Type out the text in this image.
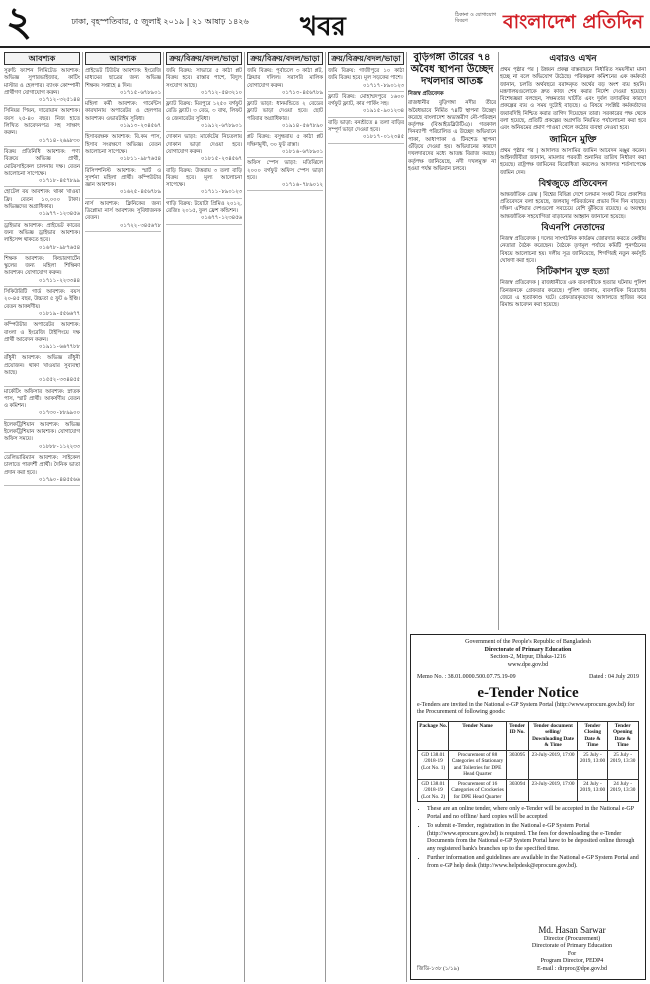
২	ঢাকা, বৃহস্পতিবার, ৫ জুলাই ২০১৯ | ২১ আষাঢ় ১৪২৬ খবর	ঠিকানা ও যোগাযোগ বিবরণ	বাংলাদেশ প্রতিদিন
আবশ্যক
সুরুচি ফ্যাশন লিমিটেড আবশ্যক: অভিজ্ঞ সুপারভাইজার, কাটিং মাস্টার ও হেলপার। ব্যাংক কোম্পানী প্রার্থীগণ যোগাযোগ করুন।
০১৭১২-৩২৫১৪৪
সিনিয়র পিয়ন, দারোয়ান আবশ্যক। বয়স ২৫-৪০ বছর। নিজ হাতে লিখিত আবেদনপত্র সহ সাক্ষাৎ করুন।
০১৭১৪-২৬৯৮৩০
বিক্রয় প্রতিনিধি আবশ্যক: পণ্য বিক্রয়ে অভিজ্ঞ প্রার্থী, মোটরসাইকেল চালনায় দক্ষ। বেতন আলোচনা সাপেক্ষে।
০১৭১৮-৪৫৭৮৯৯
হোটেল বয় আবশ্যক: থাকা খাওয়া ফ্রি। বেতন ১০,০০০ টাকা। অভিজ্ঞদের অগ্রাধিকার।
০১৯৭৭-১২৩৪৫৬
ড্রাইভার আবশ্যক: প্রাইভেট কারের জন্য অভিজ্ঞ ড্রাইভার আবশ্যক। লাইসেন্স থাকতে হবে।
০১৬৭৮-৯৮৭৬৫৪
শিক্ষক আবশ্যক: কিন্ডারগার্টেন স্কুলের জন্য মহিলা শিক্ষিকা আবশ্যক। যোগাযোগ করুন।
০১৭১১-২২৩৩৪৪
সিকিউরিটি গার্ড আবশ্যক: বয়স ২০-৪৫ বছর, উচ্চতা ৫ ফুট ৬ ইঞ্চি। বেতন আকর্ষণীয়।
০১৮১৯-৫৫৬৬৭৭
কম্পিউটার অপারেটর আবশ্যক: বাংলা ও ইংরেজি টাইপিংয়ে দক্ষ প্রার্থী আবেদন করুন।
০১৯১১-৬৬৭৭৮৮
রাঁধুনী আবশ্যক: অভিজ্ঞ রাঁধুনী প্রয়োজন। থাকা খাওয়ার সুব্যবস্থা আছে।
০১৫৫২-৩৩৪৪৫৫
মার্কেটিং অফিসার আবশ্যক: স্নাতক পাস, স্মার্ট প্রার্থী। আকর্ষণীয় বেতন ও কমিশন।
০১৭৩০-৮৮৯৯০০
ইলেকট্রিশিয়ান আবশ্যক: অভিজ্ঞ ইলেকট্রিশিয়ান আবশ্যক। যোগাযোগ অফিস সময়ে।
০১৮৮৮-১১২২৩৩
ডেলিভারিম্যান আবশ্যক: সাইকেল চালাতে পারদর্শী প্রার্থী। দৈনিক ভাতা প্রদান করা হবে।
০১৭৯০-৪৪৫৫৬৬
আবশ্যক
প্রাইভেট টিউটর আবশ্যক: ইংরেজি মাধ্যমের ছাত্রের জন্য অভিজ্ঞ শিক্ষক। সপ্তাহে ৪ দিন।
০১৭১৫-৬৭৮৯০১
মহিলা কর্মী আবশ্যক: গার্মেন্টস কারখানায় অপারেটর ও হেলপার আবশ্যক। ওভারটাইম সুবিধা।
০১৯১৩-২৩৪৫৬৭
হিসাবরক্ষক আবশ্যক: বি.কম পাস, হিসাব সংরক্ষণে অভিজ্ঞ। বেতন আলোচনা সাপেক্ষে।
০১৮১১-৯৮৭৬৫৪
রিসিপশনিস্ট আবশ্যক: স্মার্ট ও সুদর্শনা মহিলা প্রার্থী। কম্পিউটার জ্ঞান আবশ্যক।
০১৬২৫-৪৫৬৭৮৯
নার্স আবশ্যক: ক্লিনিকের জন্য ডিপ্লোমা নার্স আবশ্যক। সুবিধাজনক বেতন।
০১৭২২-৩৪৫৬৭৮
ক্রয়/বিক্রয়/বদল/ভাড়া
জমি বিক্রয়: সাভারে ৫ কাঠা প্লট বিক্রয় হবে। রাস্তার পাশে, বিদ্যুৎ সংযোগ আছে।
০১৭১২-৫৪৩২১০
ফ্ল্যাট বিক্রয়: মিরপুরে ১২৫০ বর্গফুট রেডি ফ্ল্যাট। ৩ বেড, ৩ বাথ, লিফট ও জেনারেটর সুবিধা।
০১৯১২-৬৭৮৯০১
দোকান ভাড়া: মার্কেটের নিচতলায় দোকান ভাড়া দেওয়া হবে। যোগাযোগ করুন।
০১৮১৫-২৩৪৫৬৭
বাড়ি বিক্রয়: উত্তরায় ৩ তলা বাড়ি বিক্রয় হবে। মূল্য আলোচনা সাপেক্ষে।
০১৭১১-৮৯০১২৩
গাড়ি বিক্রয়: টয়োটা প্রিমিও ২০১২, রেজিঃ ২০১৫, ফুল ফ্রেশ কন্ডিশন।
০১৬৭৭-১২৩৪৫৬
ক্রয়/বিক্রয়/বদল/ভাড়া
জমি বিক্রয়: পূর্বাচলে ৩ কাঠা প্লট, ক্লিয়ার দলিল। সরাসরি মালিক যোগাযোগ করুন।
০১৭১৩-৪৫৬৭৮৯
ফ্ল্যাট ভাড়া: ধানমন্ডিতে ২ বেডের ফ্ল্যাট ভাড়া দেওয়া হবে। ছোট পরিবার অগ্রাধিকার।
০১৯১৪-৫৬৭৮৯০
প্লট বিক্রয়: বসুন্ধরায় ৫ কাঠা প্লট দক্ষিণমুখী, ৩০ ফুট রাস্তা।
০১৮১৬-৬৭৮৯০১
অফিস স্পেস ভাড়া: মতিঝিলে ২০০০ বর্গফুট অফিস স্পেস ভাড়া হবে।
০১৭১৬-৭৮৯০১২
ক্রয়/বিক্রয়/বদল/ভাড়া
জমি বিক্রয়: গাজীপুরে ১০ কাঠা জমি বিক্রয় হবে। মূল সড়কের পাশে।
০১৭১৭-৮৯০১২৩
ফ্ল্যাট বিক্রয়: মোহাম্মদপুরে ১৬০০ বর্গফুট ফ্ল্যাট, কার পার্কিং সহ।
০১৯১৫-৯০১২৩৪
বাড়ি ভাড়া: বনশ্রীতে ৪ তলা বাড়ির সম্পূর্ণ ভাড়া দেওয়া হবে।
০১৮১৭-০১২৩৪৫
বুড়িগঙ্গা তীরের ৭৪ অবৈধ স্থাপনা উচ্ছেদ দখলদার আতঙ্ক
নিজস্ব প্রতিবেদক
রাজধানীর বুড়িগঙ্গা নদীর তীরে অবৈধভাবে নির্মিত ৭৪টি স্থাপনা উচ্ছেদ করেছে বাংলাদেশ অভ্যন্তরীণ নৌ-পরিবহন কর্তৃপক্ষ (বিআইডব্লিউটিএ)। গতকাল দিনব্যাপী পরিচালিত এ উচ্ছেদ অভিযানে পাকা, আধাপাকা ও টিনশেড স্থাপনা গুঁড়িয়ে দেওয়া হয়। অভিযানের কারণে দখলদারদের মধ্যে আতঙ্ক বিরাজ করছে। কর্তৃপক্ষ জানিয়েছে, নদী দখলমুক্ত না হওয়া পর্যন্ত অভিযান চলবে।
এবারও এখন

প্রথম পৃষ্ঠার পর | উন্নয়ন প্রকল্প বাস্তবায়নে নির্ধারিত সময়সীমা মানা হচ্ছে না বলে অভিযোগ উঠেছে। পরিকল্পনা কমিশনের এক কর্মকর্তা জানান, চলতি অর্থবছরে বরাদ্দকৃত অর্থের বড় অংশ ব্যয় হয়নি। মন্ত্রণালয়গুলোকে দ্রুত কাজ শেষ করার নির্দেশ দেওয়া হয়েছে। বিশেষজ্ঞরা বলছেন, সক্ষমতার ঘাটতি এবং দুর্বল তদারকির কারণে প্রকল্পের ব্যয় ও সময় দুটোই বাড়ছে। এ বিষয়ে সংশ্লিষ্ট কর্মকর্তাদের জবাবদিহি নিশ্চিত করার তাগিদ দিয়েছেন তারা। সরকারের পক্ষ থেকে বলা হয়েছে, প্রতিটি প্রকল্পের অগ্রগতি নিয়মিত পর্যালোচনা করা হবে এবং অনিয়মের প্রমাণ পাওয়া গেলে কঠোর ব্যবস্থা নেওয়া হবে।

জামিনে মুক্তি

প্রথম পৃষ্ঠার পর | আদালত আসামির জামিন আবেদন মঞ্জুর করেন। আইনজীবীরা জানান, মামলার পরবর্তী শুনানির তারিখ নির্ধারণ করা হয়েছে। রাষ্ট্রপক্ষ জামিনের বিরোধিতা করলেও আদালত শর্তসাপেক্ষে জামিন দেন।

বিশ্বজুড়ে প্রতিবেদন

আন্তর্জাতিক ডেস্ক | বিশ্বের বিভিন্ন দেশে চলমান সংকট নিয়ে প্রকাশিত প্রতিবেদনে বলা হয়েছে, জলবায়ু পরিবর্তনের প্রভাব দিন দিন বাড়ছে। দক্ষিণ এশিয়ার দেশগুলো সবচেয়ে বেশি ঝুঁকিতে রয়েছে। এ অবস্থায় আন্তর্জাতিক সহযোগিতা বাড়ানোর আহ্বান জানানো হয়েছে।

বিএনপি নেতাদের

নিজস্ব প্রতিবেদক | দলের সাংগঠনিক কার্যক্রম জোরদার করতে কেন্দ্রীয় নেতারা বৈঠক করেছেন। বৈঠকে তৃণমূল পর্যায়ে কমিটি পুনর্গঠনের বিষয়ে আলোচনা হয়। দলীয় সূত্র জানিয়েছে, শিগগিরই নতুন কর্মসূচি ঘোষণা করা হবে।

সিটিকাশন যুক্ত হত্যা

নিজস্ব প্রতিবেদক | রাজধানীতে এক ব্যবসায়ীকে হত্যার ঘটনায় পুলিশ তিনজনকে গ্রেফতার করেছে। পুলিশ জানায়, ব্যবসায়িক বিরোধের জেরে এ হত্যাকাণ্ড ঘটে। গ্রেফতারকৃতদের আদালতে হাজির করে রিমান্ড আবেদন করা হয়েছে।

Government of the People's Republic of Bangladesh
Directorate of Primary Education
Section-2, Mirpur, Dhaka-1216
www.dpe.gov.bd
Memo No. : 38.01.0000.500.07.75.19-09	Dated : 04 July 2019
e-Tender Notice
e-Tenders are invited in the National e-GP System Portal (http://www.eprocure.gov.bd) for the Procurement of following goods:
Package No.	Tender Name	Tender ID No.	Tender document selling/ Downloading Date & Time	Tender Closing Date & Time	Tender Opening Date & Time
GD 138.01 /2018-19 (Lot No. 1)	Procurement of 88 Categories of Stationary and Toiletries for DPE Head Quarter	303095	23-July-2019, 17:00	25 July - 2019, 13:00	25 July - 2019, 13:30
GD 138.01 /2018-19 (Lot No. 2)	Procurement of 16 Categories of Crockeries for DPE Head Quarter	303094	23-July-2019, 17:00	24 July - 2019, 13:00	24 July - 2019, 13:30
• These are an online tender, where only e-Tender will be accepted in the National e-GP Portal and no offline/ hard copies will be accepted
• To submit e-Tender, registration in the National e-GP System Portal (http://www.eprocure.gov.bd) is required. The fees for downloading the e-Tender Documents from the National e-GP System Portal have to be deposited online through any registered bank's branches up to the specified time.
• Further information and guidelines are available in the National e-GP System Portal and from e-GP help desk (http://www.helpdesk@eprocure.gov.bd).
জিডি-১৩৮ (১/১৯)
Md. Hasan Sarwar
Director (Procurement)
Directorate of Primary Education
For
Program Director, PEDP4
E-mail : dirproc@dpe.gov.bd
